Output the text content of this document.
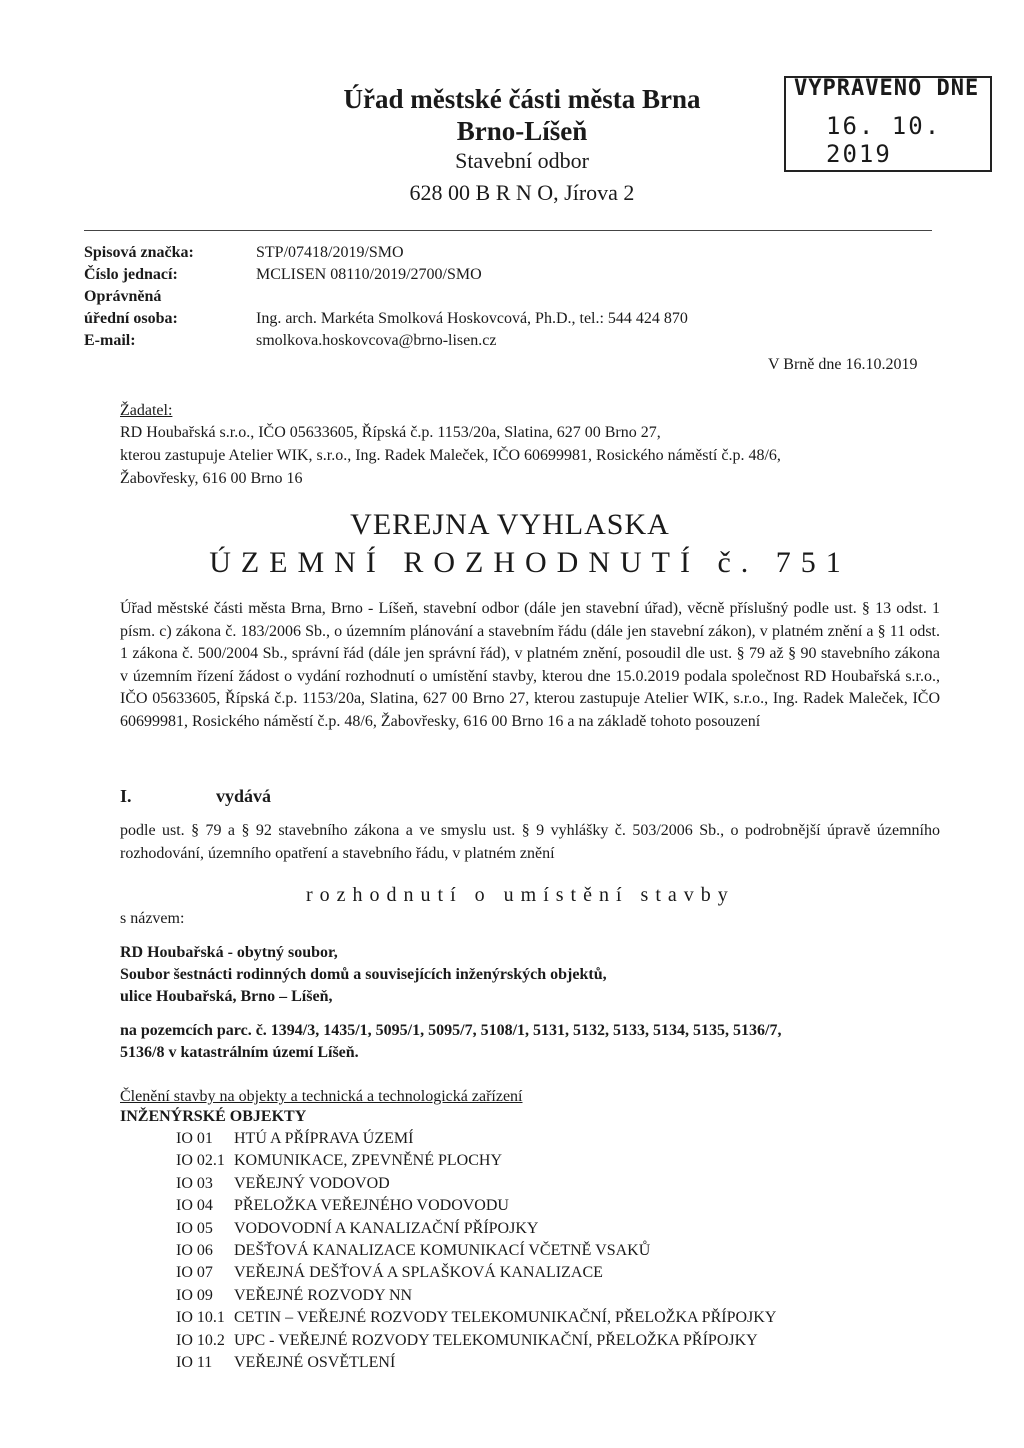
Úřad městské části města Brna
Brno-Líšeň
Stavební odbor
628 00 B R N O, Jírova 2
VYPRAVENO DNE
16. 10. 2019
Spisová značka:	STP/07418/2019/SMO
Číslo jednací:	MCLISEN 08110/2019/2700/SMO
Oprávněná
úřední osoba:	Ing. arch. Markéta Smolková Hoskovcová, Ph.D., tel.: 544 424 870
E-mail:	smolkova.hoskovcova@brno-lisen.cz
V Brně dne 16.10.2019
Žadatel:
RD Houbařská s.r.o., IČO 05633605, Řípská č.p. 1153/20a, Slatina, 627 00 Brno 27,
kterou zastupuje Atelier WIK, s.r.o., Ing. Radek Maleček, IČO 60699981, Rosického náměstí č.p. 48/6,
Žabovřesky, 616 00 Brno 16
VEREJNA VYHLASKA
ÚZEMNÍ ROZHODNUTÍ č. 751
Úřad městské části města Brna, Brno - Líšeň, stavební odbor (dále jen stavební úřad), věcně příslušný podle ust. § 13 odst. 1 písm. c) zákona č. 183/2006 Sb., o územním plánování a stavebním řádu (dále jen stavební zákon), v platném znění a § 11 odst. 1 zákona č. 500/2004 Sb., správní řád (dále jen správní řád), v platném znění, posoudil dle ust. § 79 až § 90 stavebního zákona v územním řízení žádost o vydání rozhodnutí o umístění stavby, kterou dne 15.0.2019 podala společnost RD Houbařská s.r.o., IČO 05633605, Řípská č.p. 1153/20a, Slatina, 627 00 Brno 27, kterou zastupuje Atelier WIK, s.r.o., Ing. Radek Maleček, IČO 60699981, Rosického náměstí č.p. 48/6, Žabovřesky, 616 00 Brno 16 a na základě tohoto posouzení
I.	vydává
podle ust. § 79 a § 92 stavebního zákona a ve smyslu ust. § 9 vyhlášky č. 503/2006 Sb., o podrobnější úpravě územního rozhodování, územního opatření a stavebního řádu, v platném znění
r o z h o d n u t í   o   u m í s t ě n í   s t a v b y
s názvem:
RD Houbařská - obytný soubor,
Soubor šestnácti rodinných domů a souvisejících inženýrských objektů,
ulice Houbařská, Brno – Líšeň,
na pozemcích parc. č. 1394/3, 1435/1, 5095/1, 5095/7, 5108/1, 5131, 5132, 5133, 5134, 5135, 5136/7,
5136/8 v katastrálním území Líšeň.
Členění stavby na objekty a technická a technologická zařízení
INŽENÝRSKÉ OBJEKTY
IO 01 HTÚ A PŘÍPRAVA ÚZEMÍ
IO 02.1 KOMUNIKACE, ZPEVNĚNÉ PLOCHY
IO 03 VEŘEJNÝ VODOVOD
IO 04 PŘELOŽKA VEŘEJNÉHO VODOVODU
IO 05 VODOVODNÍ A KANALIZAČNÍ PŘÍPOJKY
IO 06 DEŠŤOVÁ KANALIZACE KOMUNIKACÍ VČETNĚ VSAKŮ
IO 07 VEŘEJNÁ DEŠŤOVÁ A SPLAŠKOVÁ KANALIZACE
IO 09 VEŘEJNÉ ROZVODY NN
IO 10.1 CETIN – VEŘEJNÉ ROZVODY TELEKOMUNIKAČNÍ, PŘELOŽKA PŘÍPOJKY
IO 10.2 UPC - VEŘEJNÉ ROZVODY TELEKOMUNIKAČNÍ, PŘELOŽKA PŘÍPOJKY
IO 11 VEŘEJNÉ OSVĚTLENÍ
